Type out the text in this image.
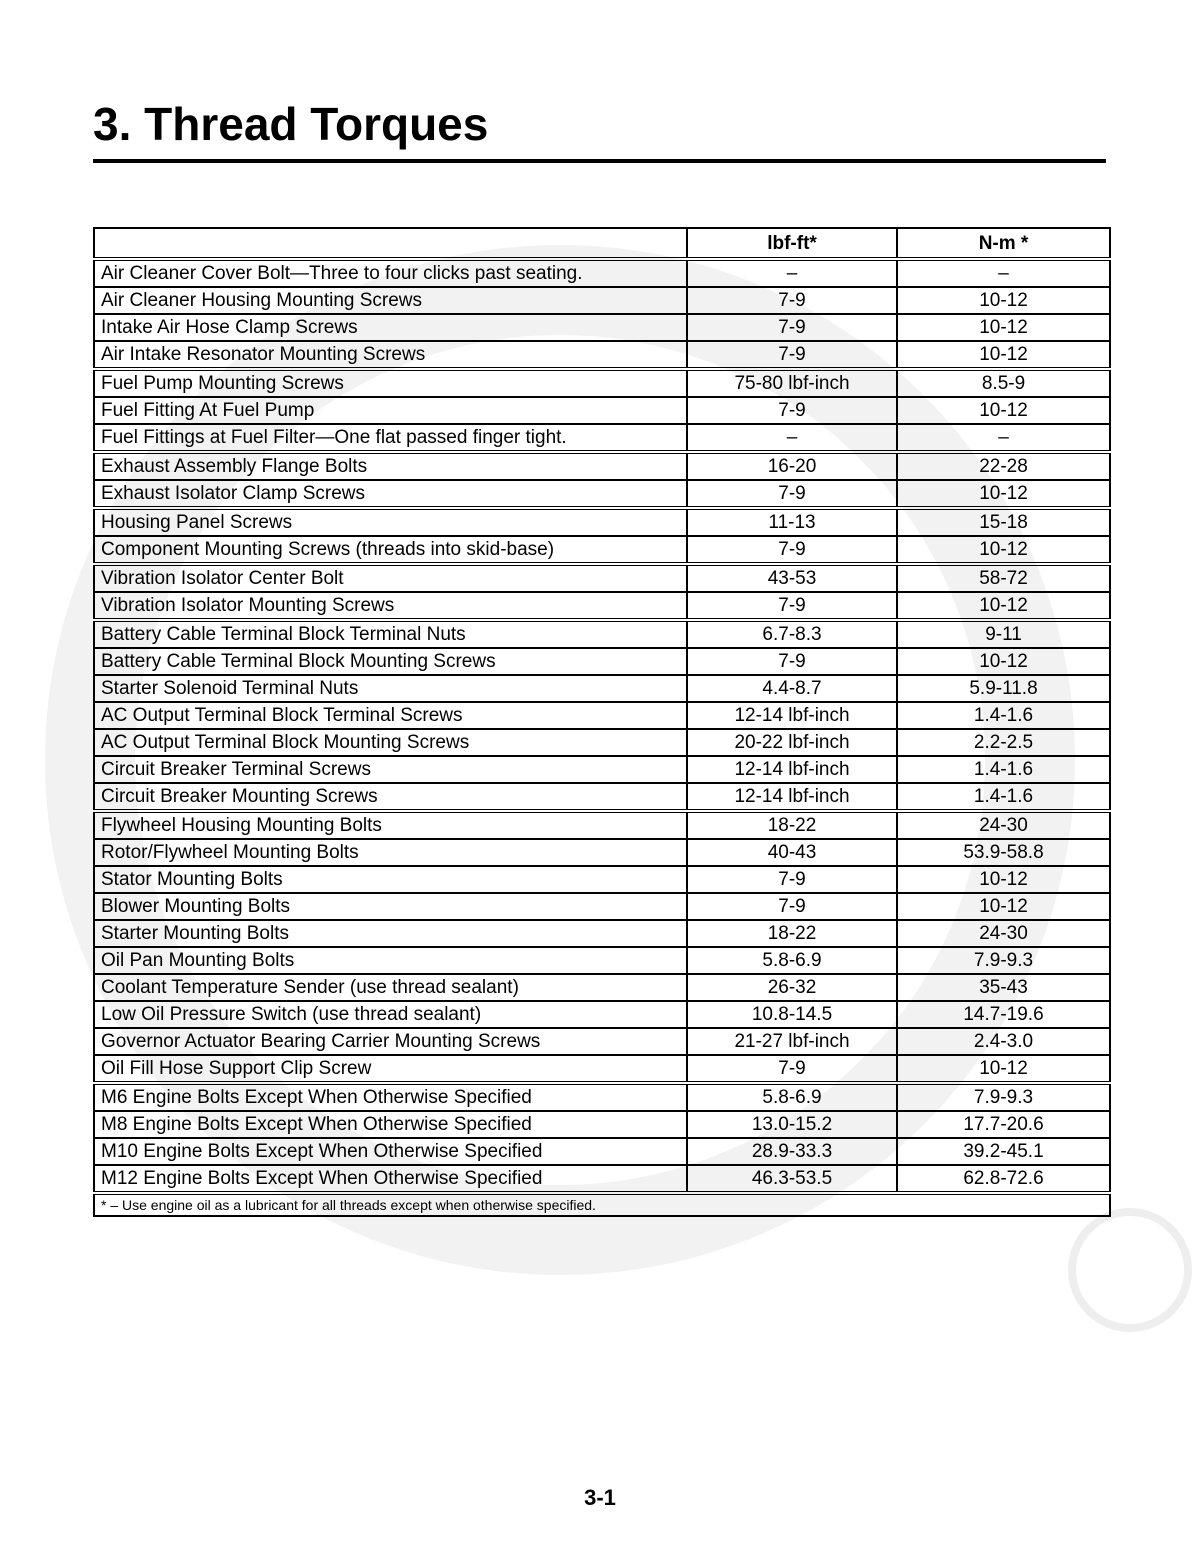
3. Thread Torques
	lbf-ft*	N-m *
Air Cleaner Cover Bolt—Three to four clicks past seating.	–	–
Air Cleaner Housing Mounting Screws	7-9	10-12
Intake Air Hose Clamp Screws	7-9	10-12
Air Intake Resonator Mounting Screws	7-9	10-12
Fuel Pump Mounting Screws	75-80 lbf-inch	8.5-9
Fuel Fitting At Fuel Pump	7-9	10-12
Fuel Fittings at Fuel Filter—One flat passed finger tight.	–	–
Exhaust Assembly Flange Bolts	16-20	22-28
Exhaust Isolator Clamp Screws	7-9	10-12
Housing Panel Screws	11-13	15-18
Component Mounting Screws (threads into skid-base)	7-9	10-12
Vibration Isolator Center Bolt	43-53	58-72
Vibration Isolator Mounting Screws	7-9	10-12
Battery Cable Terminal Block Terminal Nuts	6.7-8.3	9-11
Battery Cable Terminal Block Mounting Screws	7-9	10-12
Starter Solenoid Terminal Nuts	4.4-8.7	5.9-11.8
AC Output Terminal Block Terminal Screws	12-14 lbf-inch	1.4-1.6
AC Output Terminal Block Mounting Screws	20-22 lbf-inch	2.2-2.5
Circuit Breaker Terminal Screws	12-14 lbf-inch	1.4-1.6
Circuit Breaker Mounting Screws	12-14 lbf-inch	1.4-1.6
Flywheel Housing Mounting Bolts	18-22	24-30
Rotor/Flywheel Mounting Bolts	40-43	53.9-58.8
Stator Mounting Bolts	7-9	10-12
Blower Mounting Bolts	7-9	10-12
Starter Mounting Bolts	18-22	24-30
Oil Pan Mounting Bolts	5.8-6.9	7.9-9.3
Coolant Temperature Sender (use thread sealant)	26-32	35-43
Low Oil Pressure Switch (use thread sealant)	10.8-14.5	14.7-19.6
Governor Actuator Bearing Carrier Mounting Screws	21-27 lbf-inch	2.4-3.0
Oil Fill Hose Support Clip Screw	7-9	10-12
M6 Engine Bolts Except When Otherwise Specified	5.8-6.9	7.9-9.3
M8 Engine Bolts Except When Otherwise Specified	13.0-15.2	17.7-20.6
M10 Engine Bolts Except When Otherwise Specified	28.9-33.3	39.2-45.1
M12 Engine Bolts Except When Otherwise Specified	46.3-53.5	62.8-72.6
* – Use engine oil as a lubricant for all threads except when otherwise specified.		
3-1
